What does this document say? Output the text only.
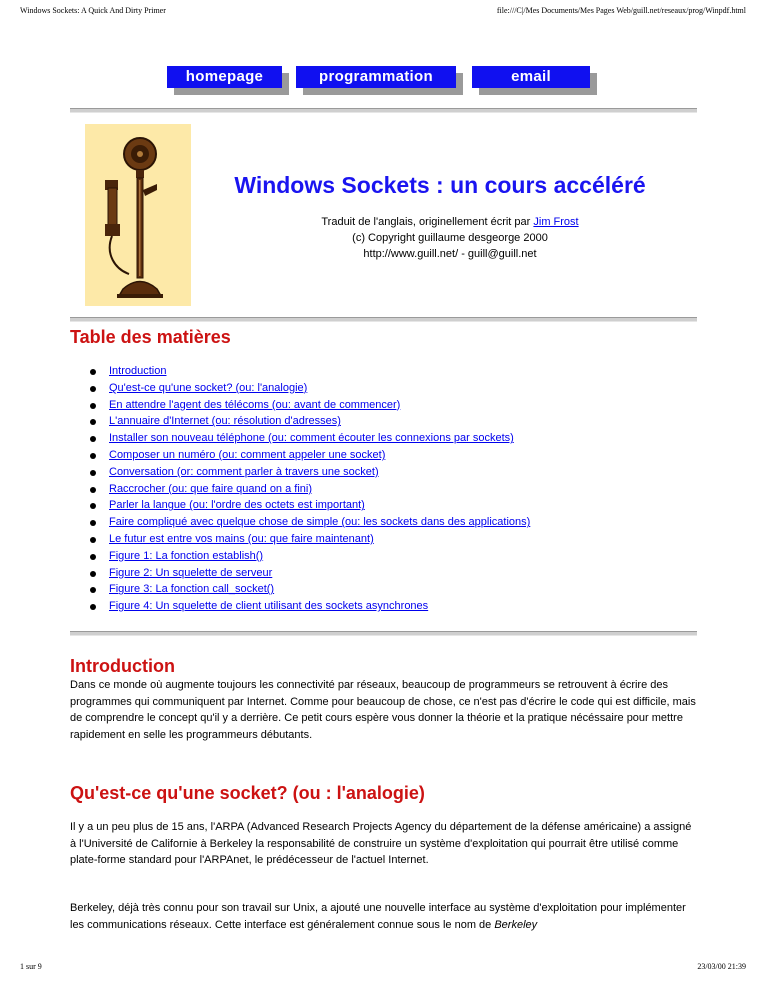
Windows Sockets: A Quick And Dirty Primer	file:///C|/Mes Documents/Mes Pages Web/guill.net/reseaux/prog/Winpdf.html
homepage	programmation	email
Windows Sockets : un cours accéléré
Traduit de l'anglais, originellement écrit par Jim Frost
(c) Copyright guillaume desgeorge 2000
http://www.guill.net/ - guill@guill.net
Table des matières
Introduction
Qu'est-ce qu'une socket? (ou: l'analogie)
En attendre l'agent des télécoms (ou: avant de commencer)
L'annuaire d'Internet (ou: résolution d'adresses)
Installer son nouveau téléphone (ou: comment écouter les connexions par sockets)
Composer un numéro (ou: comment appeler une socket)
Conversation (or: comment parler à travers une socket)
Raccrocher (ou: que faire quand on a fini)
Parler la langue (ou: l'ordre des octets est important)
Faire compliqué avec quelque chose de simple (ou: les sockets dans des applications)
Le futur est entre vos mains (ou: que faire maintenant)
Figure 1: La fonction establish()
Figure 2: Un squelette de serveur
Figure 3: La fonction call_socket()
Figure 4: Un squelette de client utilisant des sockets asynchrones
Introduction

Dans ce monde où augmente toujours les connectivité par réseaux, beaucoup de programmeurs se retrouvent à écrire des programmes qui communiquent par Internet. Comme pour beaucoup de chose, ce n'est pas d'écrire le code qui est difficile, mais de comprendre le concept qu'il y a derrière. Ce petit cours espère vous donner la théorie et la pratique nécéssaire pour mettre rapidement en selle les programmeurs débutants.

Qu'est-ce qu'une socket? (ou : l'analogie)

Il y a un peu plus de 15 ans, l'ARPA (Advanced Research Projects Agency du département de la défense américaine) a assigné à l'Université de Californie à Berkeley la responsabilité de construire un système d'exploitation qui pourrait être utilisé comme plate-forme standard pour l'ARPAnet, le prédécesseur de l'actuel Internet.

Berkeley, déjà très connu pour son travail sur Unix, a ajouté une nouvelle interface au système d'exploitation pour implémenter les communications réseaux. Cette interface est généralement connue sous le nom de Berkeley

1 sur 9	23/03/00 21:39
